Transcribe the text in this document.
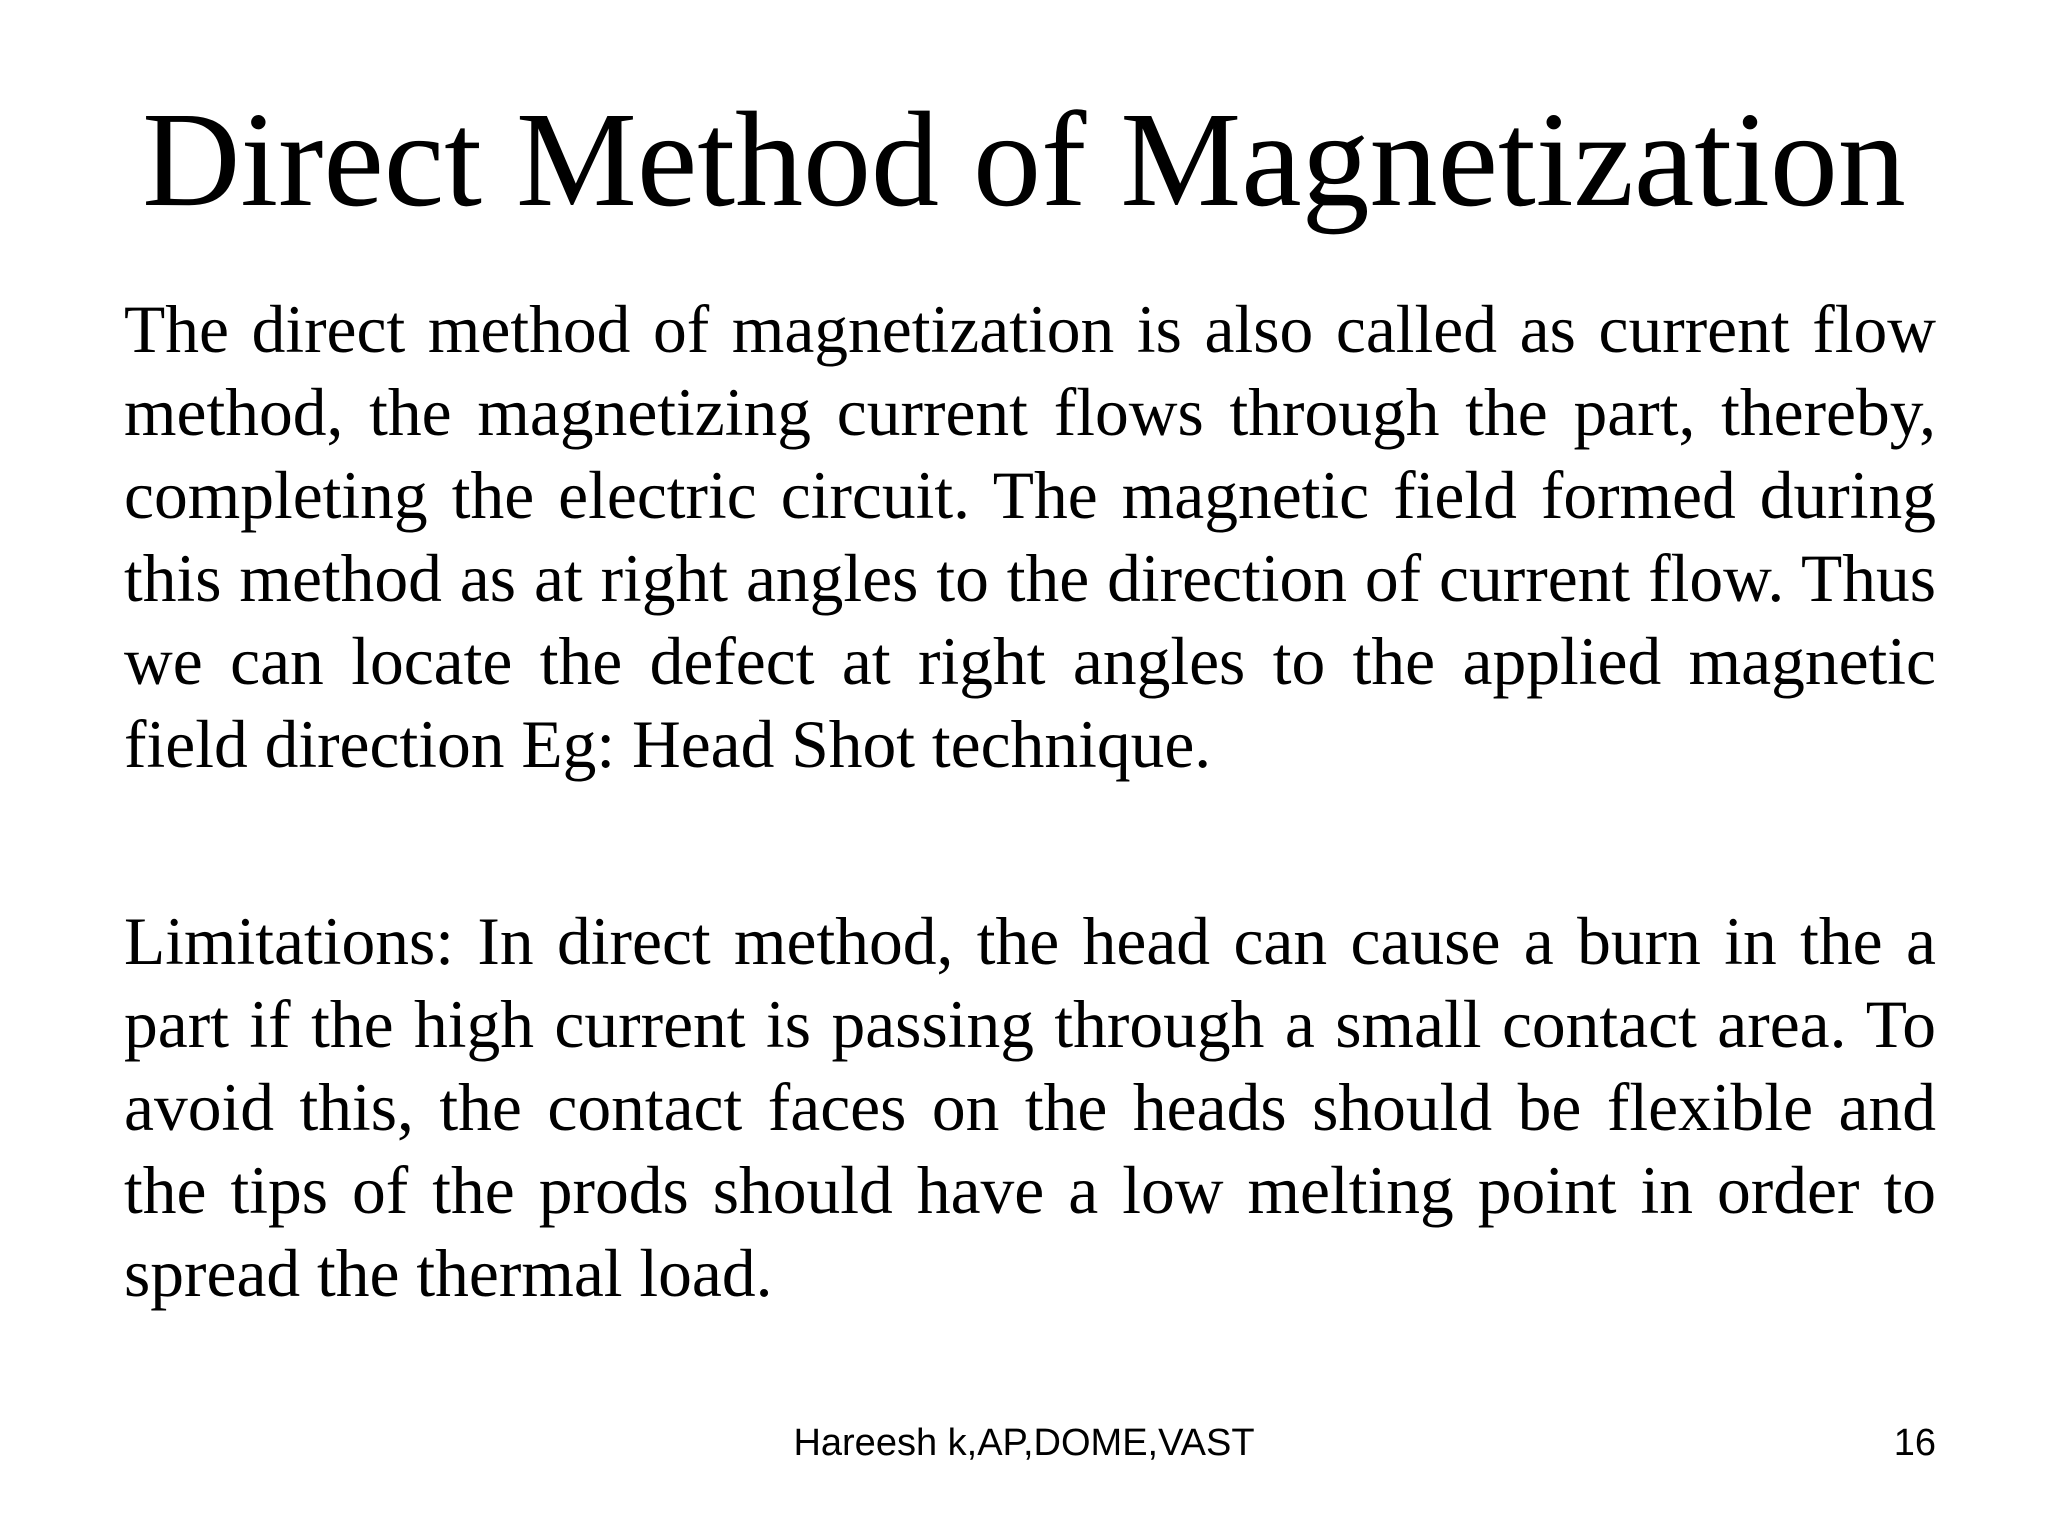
Direct Method of Magnetization

The direct method of magnetization is also called as current flow method, the magnetizing current flows through the part, thereby, completing the electric circuit. The magnetic field formed during this method as at right angles to the direction of current flow. Thus we can locate the defect at right angles to the applied magnetic field direction Eg: Head Shot technique.

Limitations: In direct method, the head can cause a burn in the a part if the high current is passing through a small contact area. To avoid this, the contact faces on the heads should be flexible and the tips of the prods should have a low melting point in order to spread the thermal load.

Hareesh k,AP,DOME,VAST	16
